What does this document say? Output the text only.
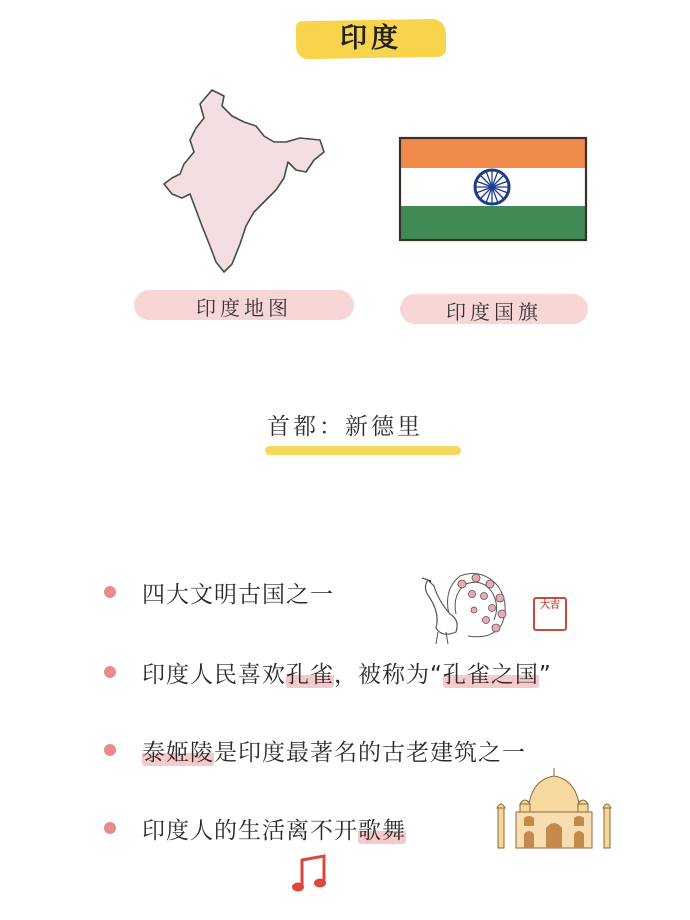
印度
印度地图	印度国旗
首都：新德里
四大文明古国之一
印度人民喜欢孔雀，被称为“孔雀之国”
泰姬陵是印度最著名的古老建筑之一
印度人的生活离不开歌舞
大吉
